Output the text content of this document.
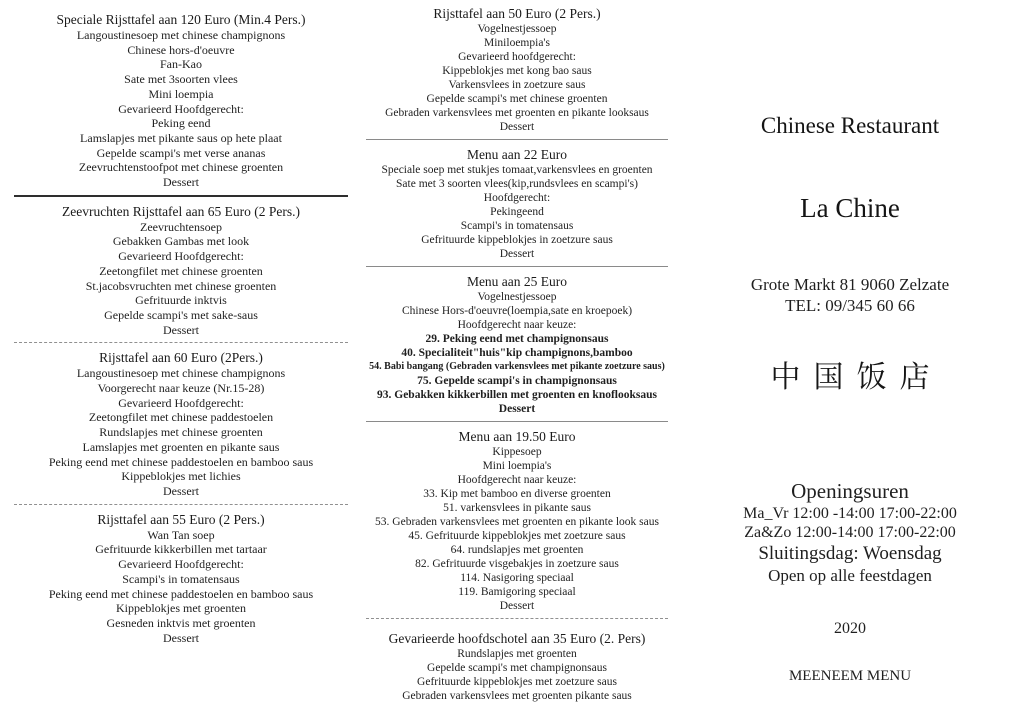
Speciale Rijsttafel aan 120 Euro (Min.4 Pers.)
Langoustinesoep met chinese champignons
Chinese hors-d'oeuvre
Fan-Kao
Sate met 3soorten vlees
Mini loempia
Gevarieerd Hoofdgerecht:
Peking eend
Lamslapjes met pikante saus op hete plaat
Gepelde scampi's met verse ananas
Zeevruchtenstoofpot met chinese groenten
Dessert
Zeevruchten Rijsttafel aan 65 Euro (2 Pers.)
Zeevruchtensoep
Gebakken Gambas met look
Gevarieerd Hoofdgerecht:
Zeetongfilet met chinese groenten
St.jacobsvruchten met chinese groenten
Gefrituurde inktvis
Gepelde scampi's met sake-saus
Dessert
Rijsttafel aan 60 Euro (2Pers.)
Langoustinesoep met chinese champignons
Voorgerecht naar keuze (Nr.15-28)
Gevarieerd Hoofdgerecht:
Zeetongfilet met chinese paddestoelen
Rundslapjes met chinese groenten
Lamslapjes met groenten en pikante saus
Peking eend met chinese paddestoelen en bamboo saus
Kippeblokjes met lichies
Dessert
Rijsttafel aan 55 Euro (2 Pers.)
Wan Tan soep
Gefrituurde kikkerbillen met tartaar
Gevarieerd Hoofdgerecht:
Scampi's in tomatensaus
Peking eend met chinese paddestoelen en bamboo saus
Kippeblokjes met groenten
Gesneden inktvis met groenten
Dessert
Rijsttafel aan 50 Euro (2 Pers.)
Vogelnestjessoep
Miniloempia's
Gevarieerd hoofdgerecht:
Kippeblokjes met kong bao saus
Varkensvlees in zoetzure saus
Gepelde scampi's met chinese groenten
Gebraden varkensvlees met groenten en pikante looksaus
Dessert
Menu aan 22 Euro
Speciale soep met stukjes tomaat,varkensvlees en groenten
Sate met 3 soorten vlees(kip,rundsvlees en scampi's)
Hoofdgerecht:
Pekingeend
Scampi's in tomatensaus
Gefrituurde kippeblokjes in zoetzure saus
Dessert
Menu aan 25 Euro
Vogelnestjessoep
Chinese Hors-d'oeuvre(loempia,sate en kroepoek)
Hoofdgerecht naar keuze:
29. Peking eend met champignonsaus
40. Specialiteit"huis"kip champignons,bamboo
54. Babi bangang (Gebraden varkensvlees met pikante zoetzure saus)
75. Gepelde scampi's in champignonsaus
93. Gebakken kikkerbillen met groenten en knoflooksaus
Dessert
Menu aan 19.50 Euro
Kippesoep
Mini loempia's
Hoofdgerecht naar keuze:
33. Kip met bamboo en diverse groenten
51. varkensvlees in pikante saus
53. Gebraden varkensvlees met groenten en pikante look saus
45. Gefrituurde kippeblokjes met zoetzure saus
64. rundslapjes met groenten
82. Gefrituurde visgebakjes in zoetzure saus
114. Nasigoring speciaal
119. Bamigoring speciaal
Dessert
Gevarieerde hoofdschotel aan 35 Euro (2. Pers)
Rundslapjes met groenten
Gepelde scampi's met champignonsaus
Gefrituurde kippeblokjes met zoetzure saus
Gebraden varkensvlees met groenten pikante saus
Chinese Restaurant
La Chine
Grote Markt 81 9060 Zelzate
TEL: 09/345 60 66
中国饭店
Openingsuren
Ma_Vr 12:00 -14:00 17:00-22:00
Za&Zo 12:00-14:00 17:00-22:00
Sluitingsdag: Woensdag
Open op alle feestdagen
2020
MEENEEM MENU
